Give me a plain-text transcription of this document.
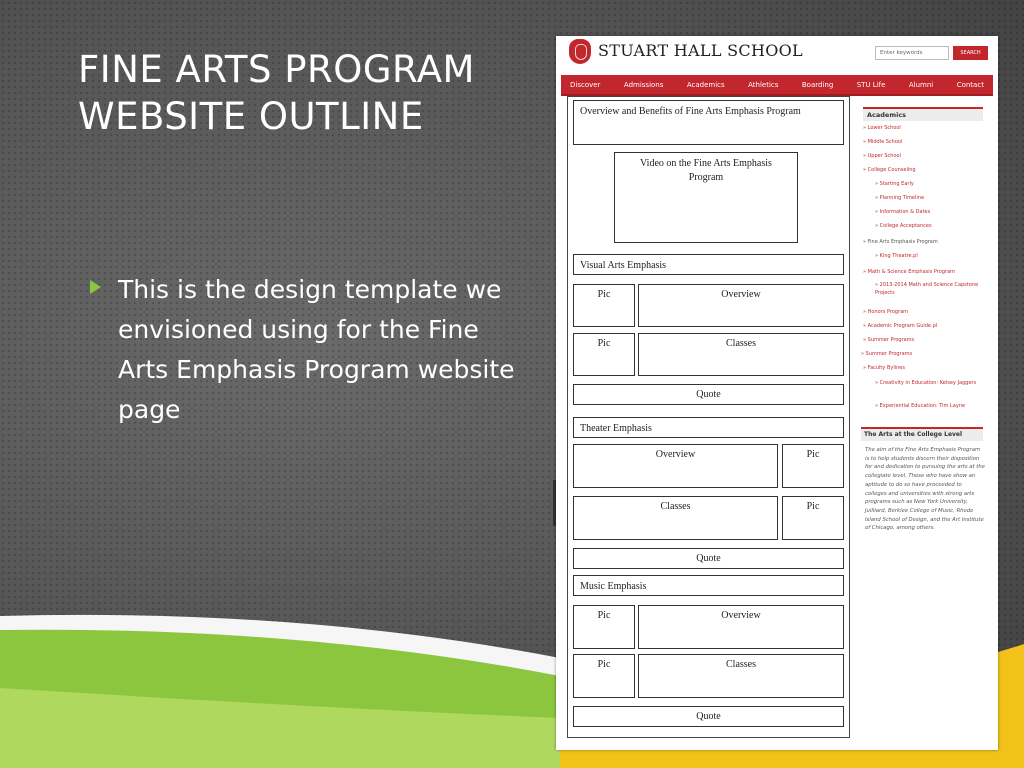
FINE ARTS PROGRAM WEBSITE OUTLINE
This is the design template we envisioned using for the Fine Arts Emphasis Program website page
STUART HALL SCHOOL
Enter keywords	SEARCH
Discover	Admissions	Academics	Athletics	Boarding	STU Life	Alumni	Contact
Overview and Benefits of Fine Arts Emphasis Program
Video on the Fine Arts Emphasis Program
Visual Arts Emphasis
Pic	Overview
Pic	Classes
Quote
Theater Emphasis
Overview	Pic
Classes	Pic
Quote
Music Emphasis
Pic	Overview
Pic	Classes
Quote
Academics
» Lower School
» Middle School
» Upper School
» College Counseling
» Starting Early
» Planning Timeline
» Information & Dates
» College Acceptances
» Fine Arts Emphasis Program
» King Theatre.pl
» Math & Science Emphasis Program
» 2013-2014 Math and Science Capstone Projects
» Honors Program
» Academic Program Guide.pl
» Summer Programs
» Summer Programs
» Faculty Bylines
» Creativity in Education: Kelsey Jaggers
» Experiential Education: Tim Layne
The Arts at the College Level
The aim of the Fine Arts Emphasis Program is to help students discern their disposition for and dedication to pursuing the arts at the collegiate level. Those who have show an aptitude to do so have proceeded to colleges and universities with strong arts programs such as New York University, Juilliard, Berklee College of Music, Rhode Island School of Design, and the Art Institute of Chicago, among others.
